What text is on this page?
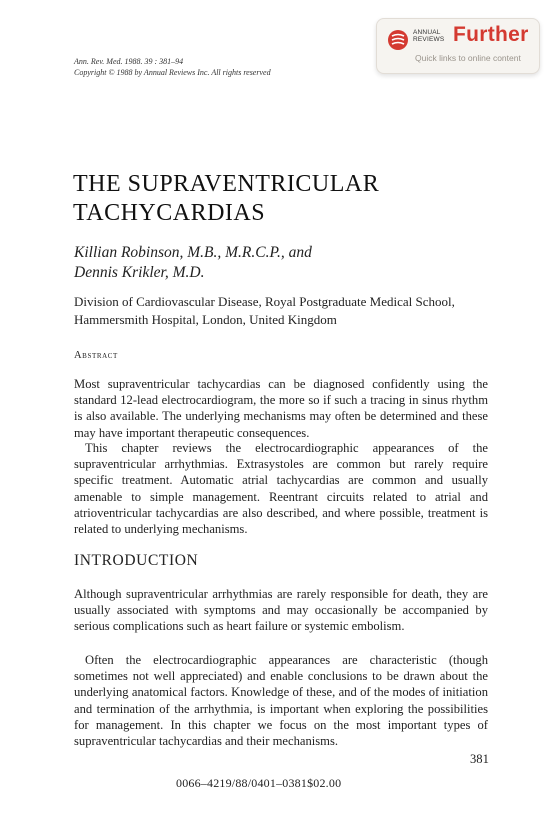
ANNUAL
REVIEWS Further
Quick links to online content
Ann. Rev. Med. 1988. 39 : 381–94
Copyright © 1988 by Annual Reviews Inc. All rights reserved
THE SUPRAVENTRICULAR
TACHYCARDIAS
Killian Robinson, M.B., M.R.C.P., and
Dennis Krikler, M.D.
Division of Cardiovascular Disease, Royal Postgraduate Medical School, Hammersmith Hospital, London, United Kingdom
Abstract
Most supraventricular tachycardias can be diagnosed confidently using the standard 12-lead electrocardiogram, the more so if such a tracing in sinus rhythm is also available. The underlying mechanisms may often be determined and these may have important therapeutic consequences.
This chapter reviews the electrocardiographic appearances of the supraventricular arrhythmias. Extrasystoles are common but rarely require specific treatment. Automatic atrial tachycardias are common and usually amenable to simple management. Reentrant circuits related to atrial and atrioventricular tachycardias are also described, and where possible, treatment is related to underlying mechanisms.
INTRODUCTION
Although supraventricular arrhythmias are rarely responsible for death, they are usually associated with symptoms and may occasionally be accompanied by serious complications such as heart failure or systemic embolism.
Often the electrocardiographic appearances are characteristic (though sometimes not well appreciated) and enable conclusions to be drawn about the underlying anatomical factors. Knowledge of these, and of the modes of initiation and termination of the arrhythmia, is important when exploring the possibilities for management. In this chapter we focus on the most important types of supraventricular tachycardias and their mechanisms.
381
0066–4219/88/0401–0381$02.00
